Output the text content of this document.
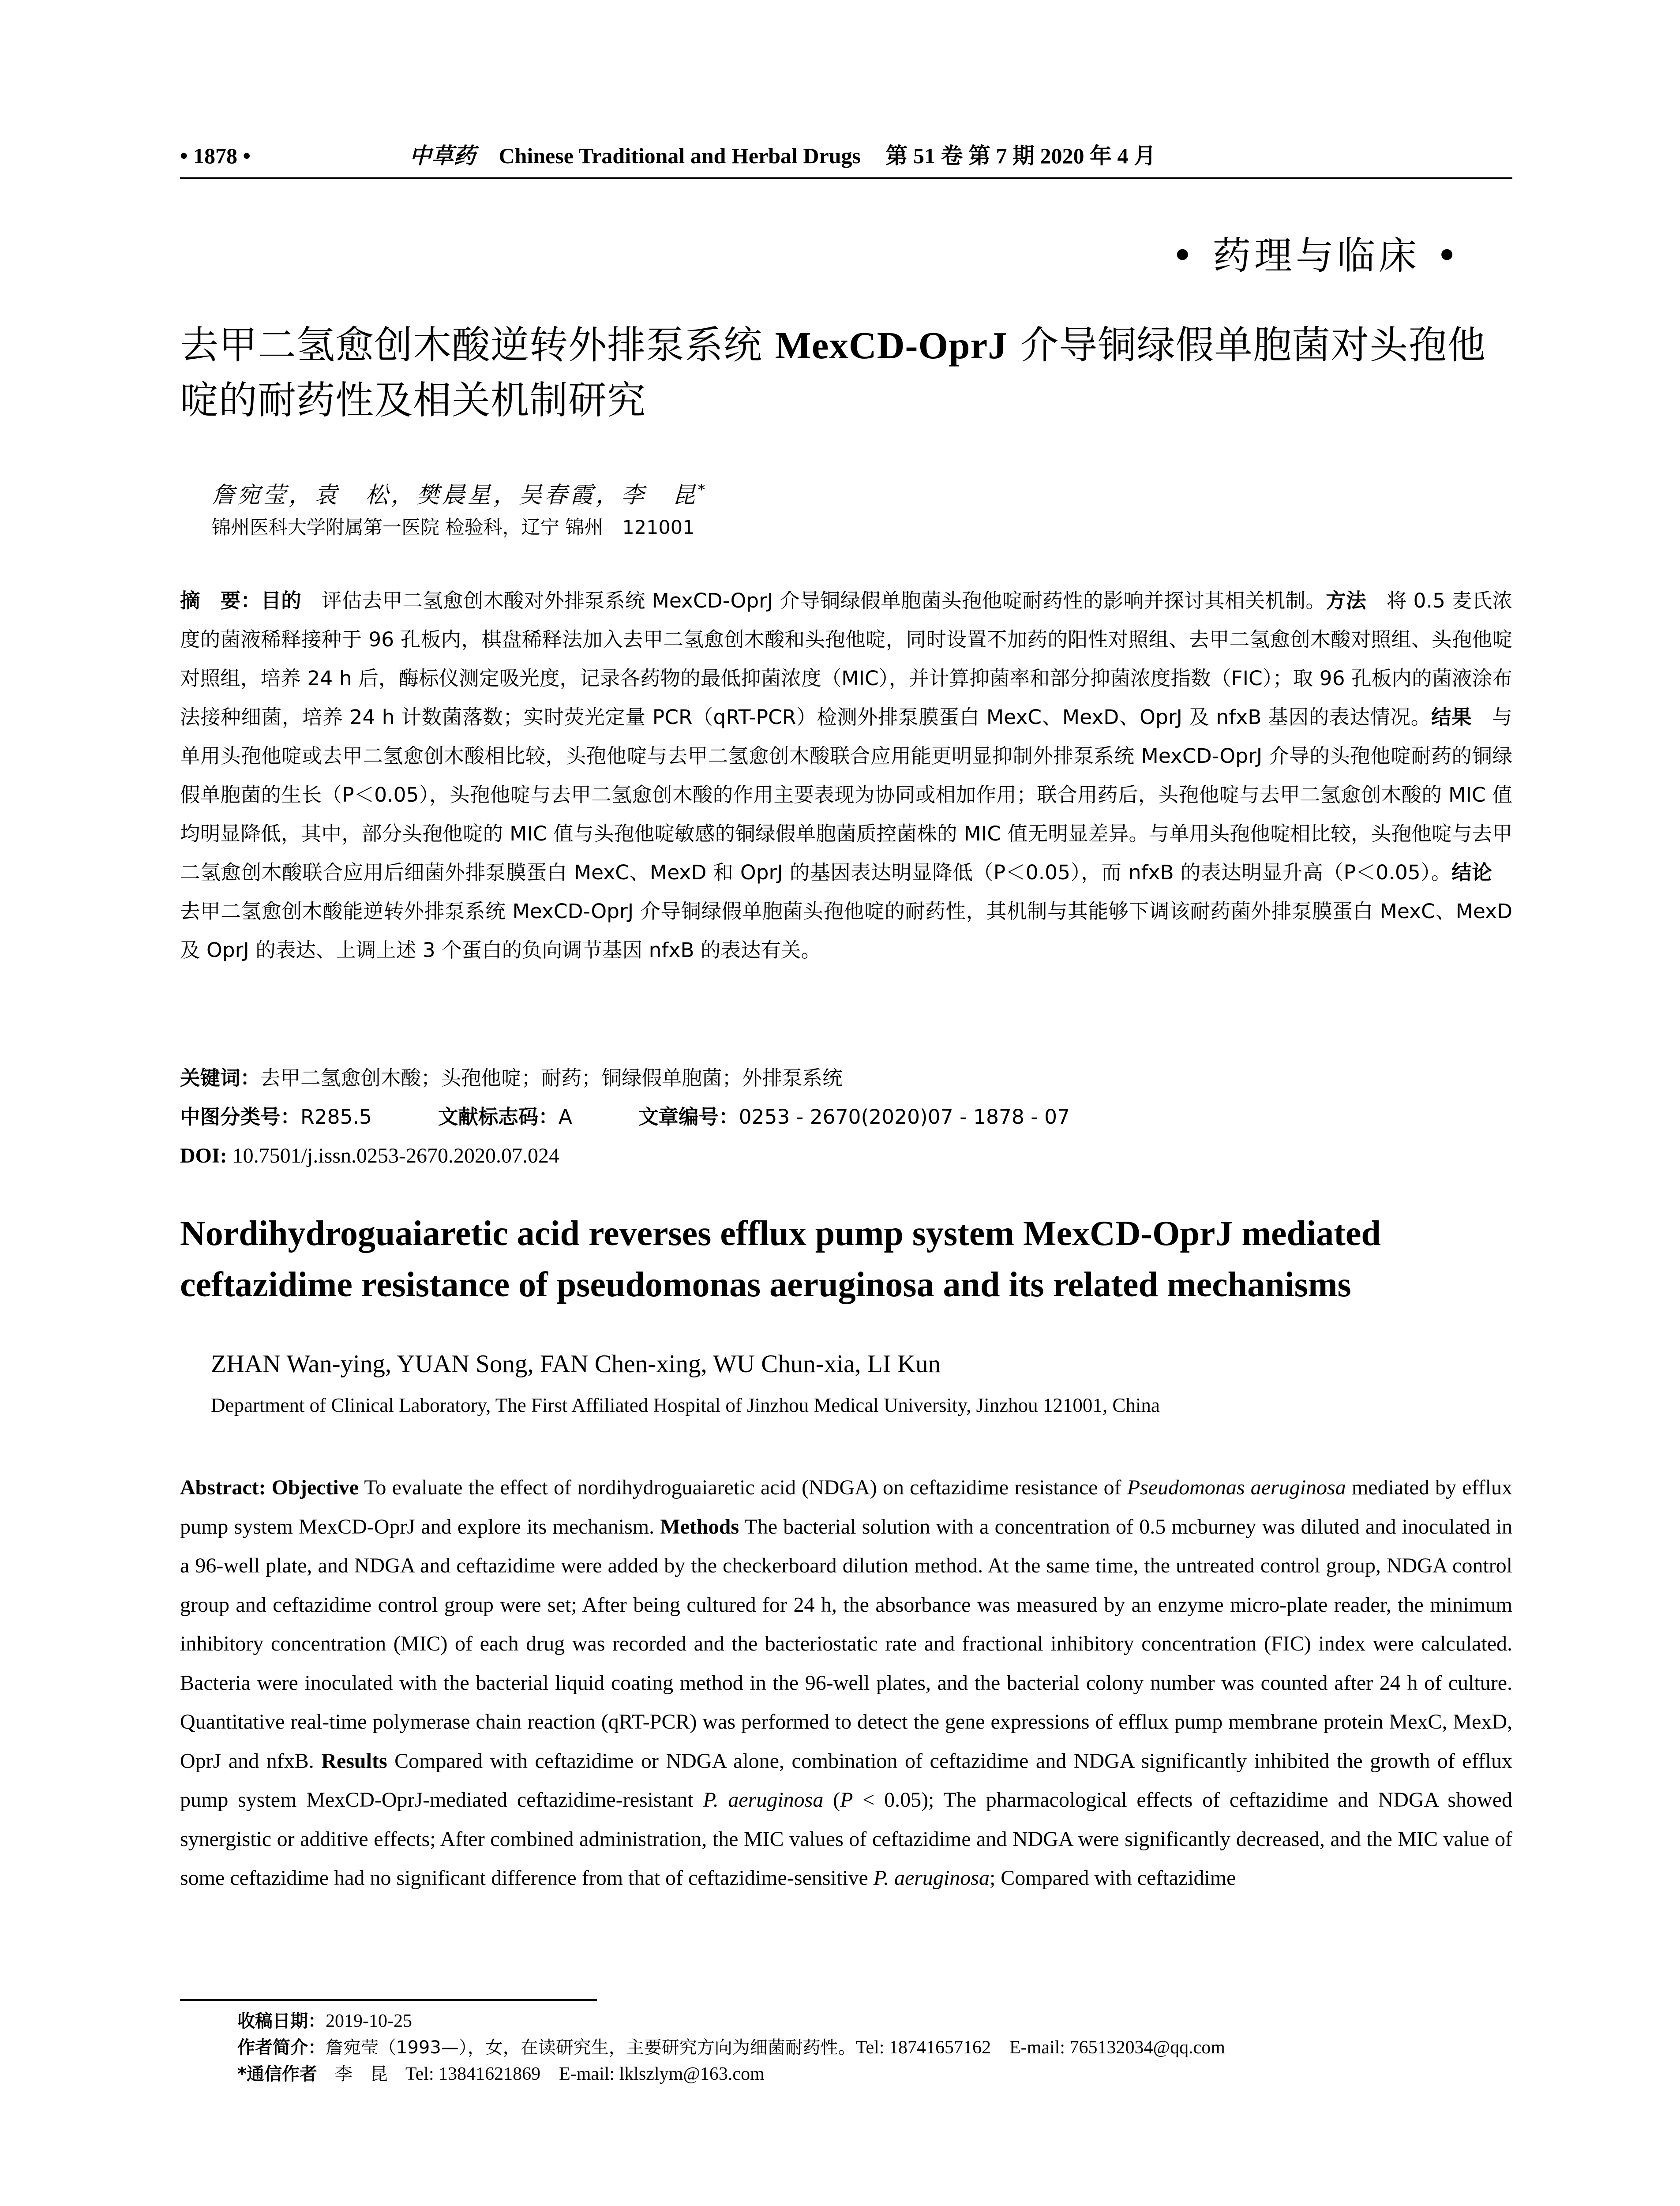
• 1878 •	中草药 Chinese Traditional and Herbal Drugs 第 51 卷 第 7 期 2020 年 4 月
• 药理与临床 •
去甲二氢愈创木酸逆转外排泵系统 MexCD-OprJ 介导铜绿假单胞菌对头孢他啶的耐药性及相关机制研究
詹宛莹，袁　松，樊晨星，吴春霞，李　昆*
锦州医科大学附属第一医院 检验科，辽宁 锦州　121001
摘　要：目的　评估去甲二氢愈创木酸对外排泵系统 MexCD-OprJ 介导铜绿假单胞菌头孢他啶耐药性的影响并探讨其相关机制。方法　将 0.5 麦氏浓度的菌液稀释接种于 96 孔板内，棋盘稀释法加入去甲二氢愈创木酸和头孢他啶，同时设置不加药的阳性对照组、去甲二氢愈创木酸对照组、头孢他啶对照组，培养 24 h 后，酶标仪测定吸光度，记录各药物的最低抑菌浓度（MIC），并计算抑菌率和部分抑菌浓度指数（FIC）；取 96 孔板内的菌液涂布法接种细菌，培养 24 h 计数菌落数；实时荧光定量 PCR（qRT-PCR）检测外排泵膜蛋白 MexC、MexD、OprJ 及 nfxB 基因的表达情况。结果　与单用头孢他啶或去甲二氢愈创木酸相比较，头孢他啶与去甲二氢愈创木酸联合应用能更明显抑制外排泵系统 MexCD-OprJ 介导的头孢他啶耐药的铜绿假单胞菌的生长（P＜0.05），头孢他啶与去甲二氢愈创木酸的作用主要表现为协同或相加作用；联合用药后，头孢他啶与去甲二氢愈创木酸的 MIC 值均明显降低，其中，部分头孢他啶的 MIC 值与头孢他啶敏感的铜绿假单胞菌质控菌株的 MIC 值无明显差异。与单用头孢他啶相比较，头孢他啶与去甲二氢愈创木酸联合应用后细菌外排泵膜蛋白 MexC、MexD 和 OprJ 的基因表达明显降低（P＜0.05），而 nfxB 的表达明显升高（P＜0.05）。结论　去甲二氢愈创木酸能逆转外排泵系统 MexCD-OprJ 介导铜绿假单胞菌头孢他啶的耐药性，其机制与其能够下调该耐药菌外排泵膜蛋白 MexC、MexD 及 OprJ 的表达、上调上述 3 个蛋白的负向调节基因 nfxB 的表达有关。
关键词：去甲二氢愈创木酸；头孢他啶；耐药；铜绿假单胞菌；外排泵系统
中图分类号：R285.5	文献标志码：A	文章编号：0253 - 2670(2020)07 - 1878 - 07
DOI: 10.7501/j.issn.0253-2670.2020.07.024
Nordihydroguaiaretic acid reverses efflux pump system MexCD-OprJ mediated ceftazidime resistance of pseudomonas aeruginosa and its related mechanisms
ZHAN Wan-ying, YUAN Song, FAN Chen-xing, WU Chun-xia, LI Kun
Department of Clinical Laboratory, The First Affiliated Hospital of Jinzhou Medical University, Jinzhou 121001, China
Abstract: Objective To evaluate the effect of nordihydroguaiaretic acid (NDGA) on ceftazidime resistance of Pseudomonas aeruginosa mediated by efflux pump system MexCD-OprJ and explore its mechanism. Methods The bacterial solution with a concentration of 0.5 mcburney was diluted and inoculated in a 96-well plate, and NDGA and ceftazidime were added by the checkerboard dilution method. At the same time, the untreated control group, NDGA control group and ceftazidime control group were set; After being cultured for 24 h, the absorbance was measured by an enzyme micro-plate reader, the minimum inhibitory concentration (MIC) of each drug was recorded and the bacteriostatic rate and fractional inhibitory concentration (FIC) index were calculated. Bacteria were inoculated with the bacterial liquid coating method in the 96-well plates, and the bacterial colony number was counted after 24 h of culture. Quantitative real-time polymerase chain reaction (qRT-PCR) was performed to detect the gene expressions of efflux pump membrane protein MexC, MexD, OprJ and nfxB. Results Compared with ceftazidime or NDGA alone, combination of ceftazidime and NDGA significantly inhibited the growth of efflux pump system MexCD-OprJ-mediated ceftazidime-resistant P. aeruginosa (P < 0.05); The pharmacological effects of ceftazidime and NDGA showed synergistic or additive effects; After combined administration, the MIC values of ceftazidime and NDGA were significantly decreased, and the MIC value of some ceftazidime had no significant difference from that of ceftazidime-sensitive P. aeruginosa; Compared with ceftazidime
收稿日期：2019-10-25
作者简介：詹宛莹（1993—），女，在读研究生，主要研究方向为细菌耐药性。Tel: 18741657162　E-mail: 765132034@qq.com
*通信作者　李　昆　Tel: 13841621869　E-mail: lklszlym@163.com
